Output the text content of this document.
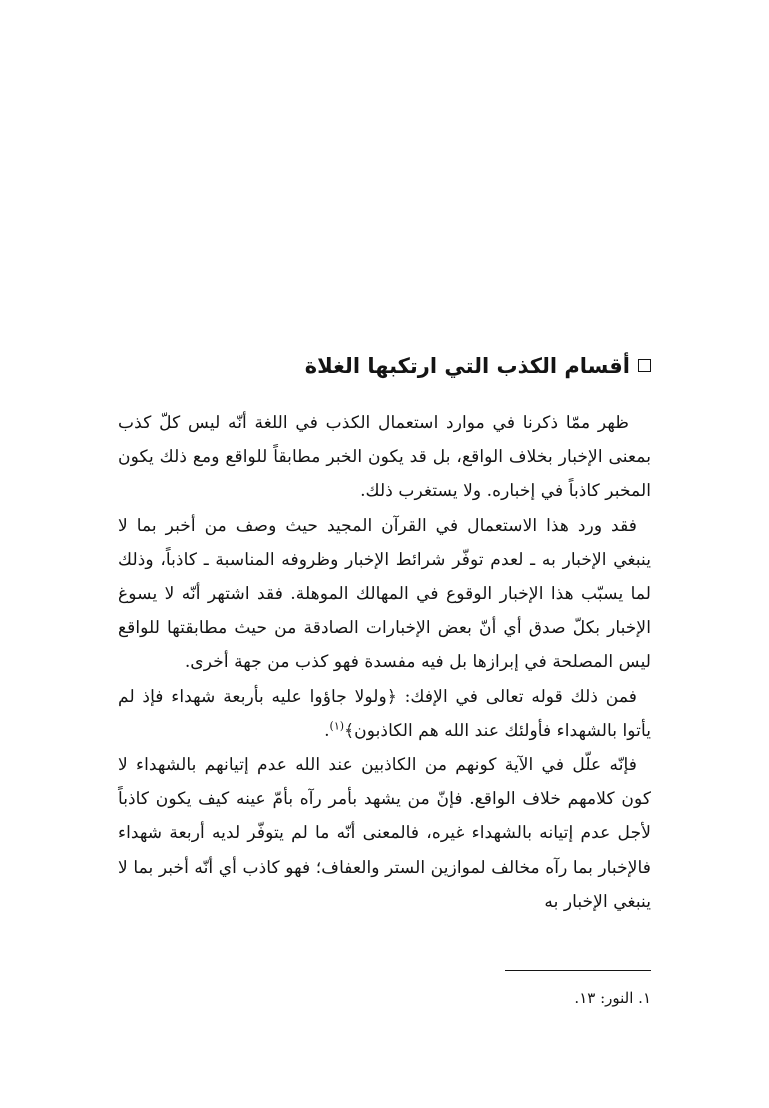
أقسام الكذب التي ارتكبها الغلاة

ظهر ممّا ذكرنا في موارد استعمال الكذب في اللغة أنّه ليس كلّ كذب بمعنى الإخبار بخلاف الواقع، بل قد يكون الخبر مطابقاً للواقع ومع ذلك يكون المخبر كاذباً في إخباره. ولا يستغرب ذلك.

فقد ورد هذا الاستعمال في القرآن المجيد حيث وصف من أخبر بما لا ينبغي الإخبار به ـ لعدم توفّر شرائط الإخبار وظروفه المناسبة ـ كاذباً، وذلك لما يسبّب هذا الإخبار الوقوع في المهالك الموهلة. فقد اشتهر أنّه لا يسوغ الإخبار بكلّ صدق أي أنّ بعض الإخبارات الصادقة من حيث مطابقتها للواقع ليس المصلحة في إبرازها بل فيه مفسدة فهو كذب من جهة أخرى.

فمن ذلك قوله تعالى في الإفك: ﴿ولولا جاؤوا عليه بأربعة شهداء فإذ لم يأتوا بالشهداء فأولئك عند الله هم الكاذبون﴾$^{(١)}$.

فإنّه علّل في الآية كونهم من الكاذبين عند الله عدم إتيانهم بالشهداء لا كون كلامهم خلاف الواقع. فإنّ من يشهد بأمر رآه بأمّ عينه كيف يكون كاذباً لأجل عدم إتيانه بالشهداء غيره، فالمعنى أنّه ما لم يتوفّر لديه أربعة شهداء فالإخبار بما رآه مخالف لموازين الستر والعفاف؛ فهو كاذب أي أنّه أخبر بما لا ينبغي الإخبار به

١. النور: ١٣.
